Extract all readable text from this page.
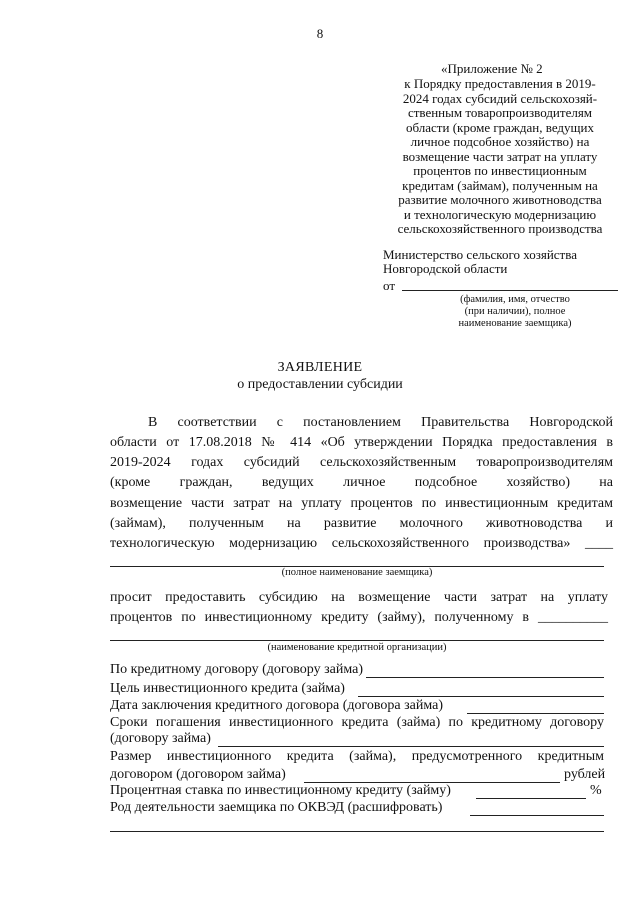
8
«Приложение № 2
к Порядку предоставления в 2019-
2024 годах субсидий сельскохозяй-
ственным товаропроизводителям
области (кроме граждан, ведущих
личное подсобное хозяйство) на
возмещение части затрат на уплату
процентов по инвестиционным
кредитам (займам), полученным на
развитие молочного животноводства
и технологическую модернизацию
сельскохозяйственного производства
Министерство сельского хозяйства
Новгородской области
от
(фамилия, имя, отчество
(при наличии), полное
наименование заемщика)
ЗАЯВЛЕНИЕ
о предоставлении субсидии
В соответствии с постановлением Правительства Новгородской
области от 17.08.2018 № 414 «Об утверждении Порядка предоставления в
2019-2024 годах субсидий сельскохозяйственным товаропроизводителям
(кроме граждан, ведущих личное подсобное хозяйство) на
возмещение части затрат на уплату процентов по инвестиционным кредитам
(займам), полученным на развитие молочного животноводства и
технологическую модернизацию сельскохозяйственного производства» ____
(полное наименование заемщика)
просит предоставить субсидию на возмещение части затрат на уплату
процентов по инвестиционному кредиту (займу), полученному в __________
(наименование кредитной организации)
По кредитному договору (договору займа)
Цель инвестиционного кредита (займа)
Дата заключения кредитного договора (договора займа)
Сроки погашения инвестиционного кредита (займа) по кредитному договору
(договору займа)
Размер инвестиционного кредита (займа), предусмотренного кредитным
договором (договором займа)	рублей
Процентная ставка по инвестиционному кредиту (займу)	%
Род деятельности заемщика по ОКВЭД (расшифровать)
